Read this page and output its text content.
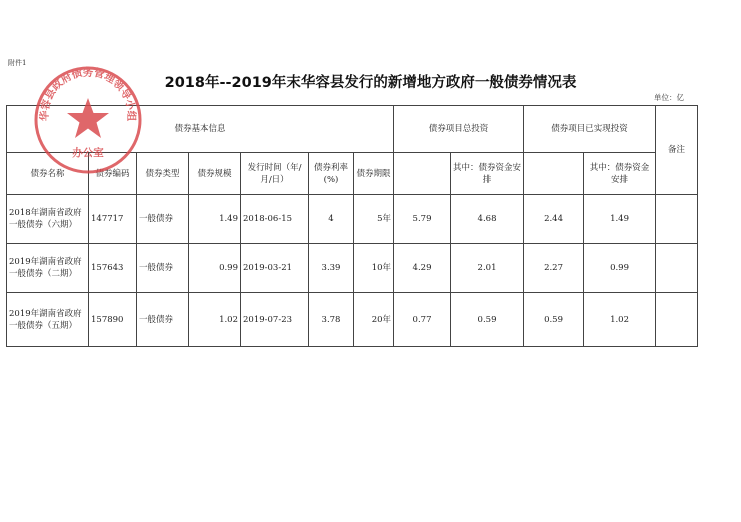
附件1
2018年--2019年末华容县发行的新增地方政府一般债券情况表
单位：亿
债券基本信息							债券项目总投资		债券项目已实现投资		备注
债券名称	债券编码	债券类型	债券规模	发行时间（年/月/日）	债券利率(%)	债券期限		其中：债券资金安排		其中：债券资金安排	
2018年湖南省政府一般债券（六期）	147717	一般债券	1.49	2018-06-15	4	5年	5.79	4.68	2.44	1.49	
2019年湖南省政府一般债券（二期）	157643	一般债券	0.99	2019-03-21	3.39	10年	4.29	2.01	2.27	0.99	
2019年湖南省政府一般债券（五期）	157890	一般债券	1.02	2019-07-23	3.78	20年	0.77	0.59	0.59	1.02	
华容县政府债务管理领导小组
办公室
